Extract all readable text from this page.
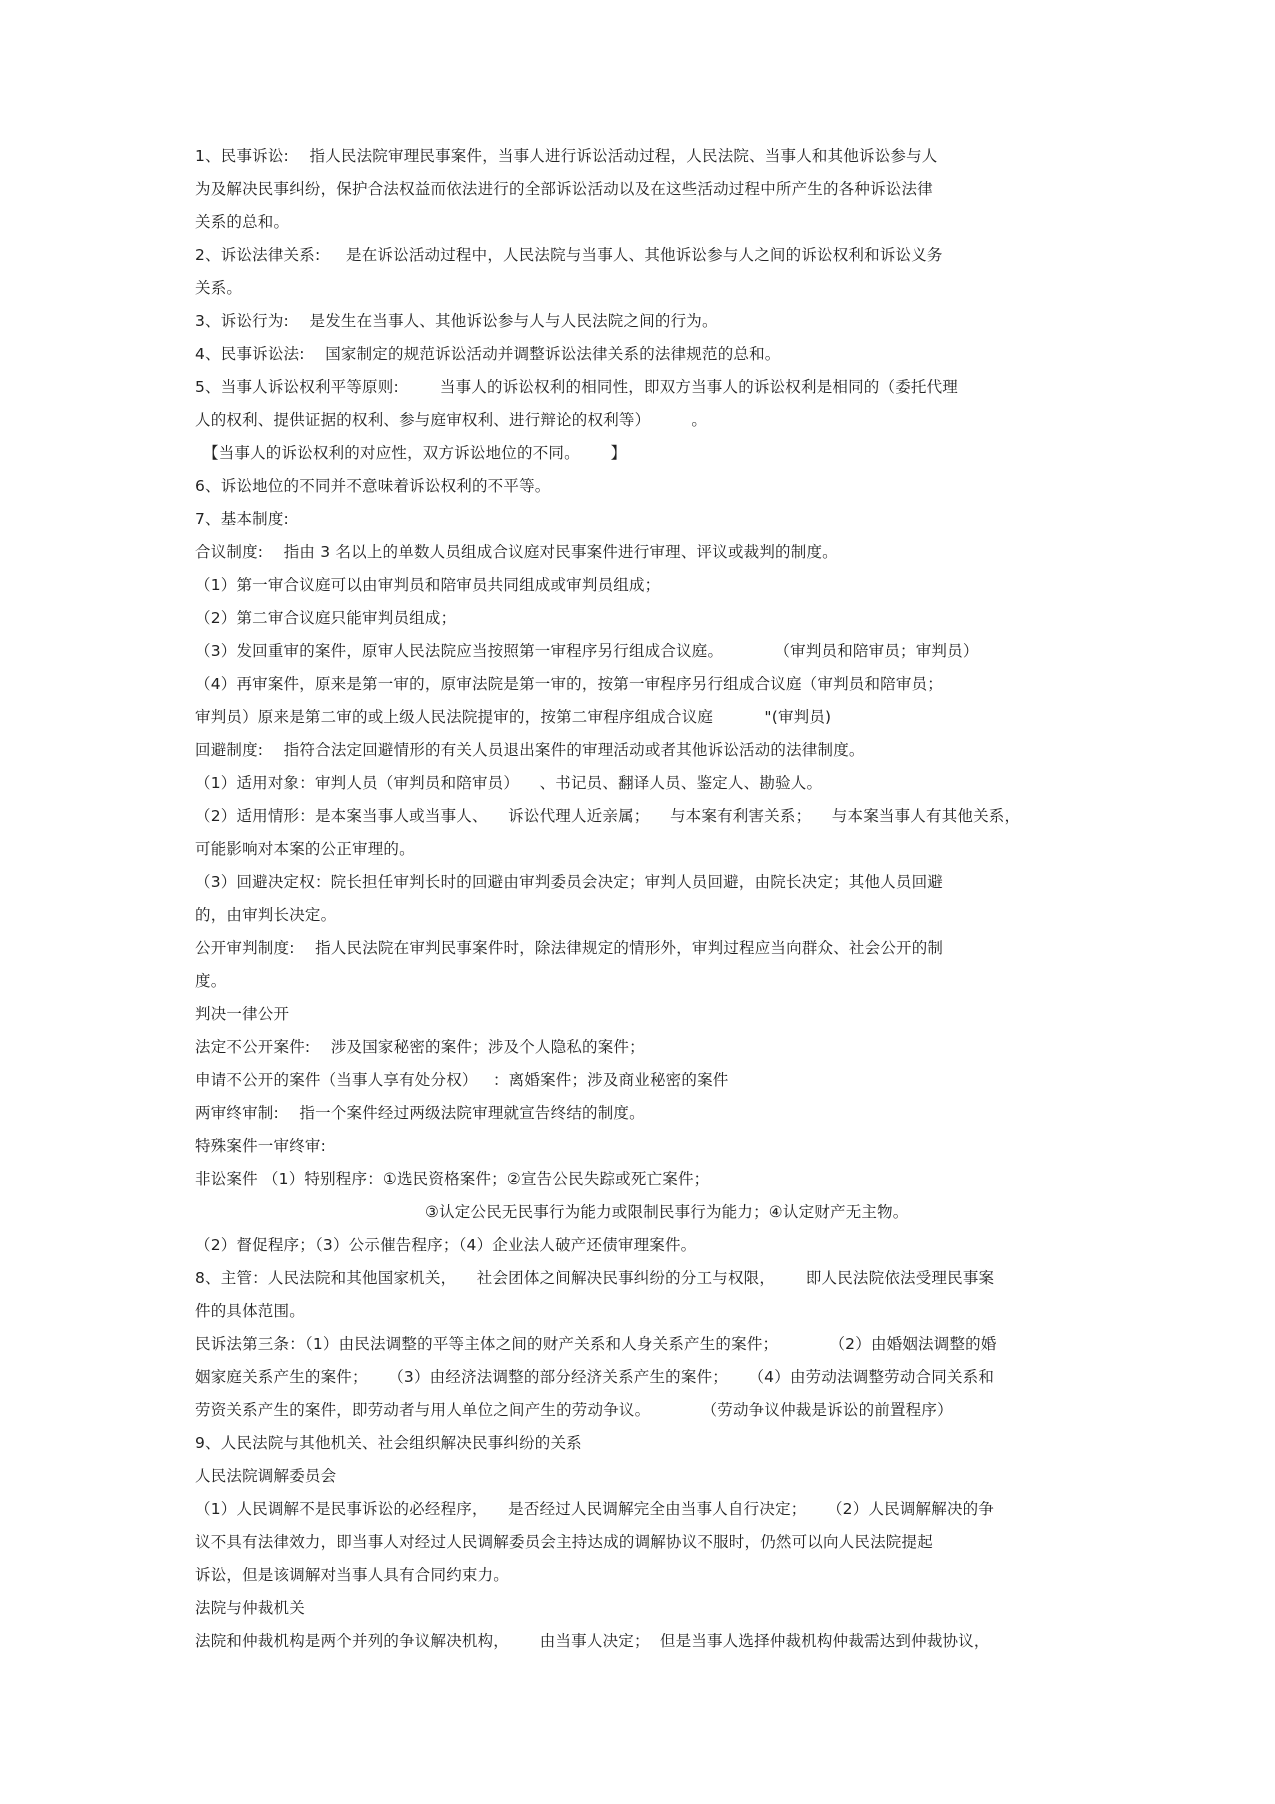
1、民事诉讼:    指人民法院审理民事案件，当事人进行诉讼活动过程，人民法院、当事人和其他诉讼参与人
为及解决民事纠纷，保护合法权益而依法进行的全部诉讼活动以及在这些活动过程中所产生的各种诉讼法律
关系的总和。
2、诉讼法律关系:     是在诉讼活动过程中，人民法院与当事人、其他诉讼参与人之间的诉讼权利和诉讼义务
关系。
3、诉讼行为:    是发生在当事人、其他诉讼参与人与人民法院之间的行为。
4、民事诉讼法:    国家制定的规范诉讼活动并调整诉讼法律关系的法律规范的总和。
5、当事人诉讼权利平等原则:        当事人的诉讼权利的相同性，即双方当事人的诉讼权利是相同的（委托代理
人的权利、提供证据的权利、参与庭审权利、进行辩论的权利等）        。
【当事人的诉讼权利的对应性，双方诉讼地位的不同。      】
6、诉讼地位的不同并不意味着诉讼权利的不平等。
7、基本制度:
合议制度:    指由 3 名以上的单数人员组成合议庭对民事案件进行审理、评议或裁判的制度。
（1）第一审合议庭可以由审判员和陪审员共同组成或审判员组成；
（2）第二审合议庭只能审判员组成；
（3）发回重审的案件，原审人民法院应当按照第一审程序另行组成合议庭。          （审判员和陪审员；审判员）
（4）再审案件，原来是第一审的，原审法院是第一审的，按第一审程序另行组成合议庭（审判员和陪审员；
审判员）原来是第二审的或上级人民法院提审的，按第二审程序组成合议庭          "(审判员)
回避制度:    指符合法定回避情形的有关人员退出案件的审理活动或者其他诉讼活动的法律制度。
（1）适用对象：审判人员（审判员和陪审员）    、书记员、翻译人员、鉴定人、勘验人。
（2）适用情形：是本案当事人或当事人、    诉讼代理人近亲属；    与本案有利害关系；    与本案当事人有其他关系，
可能影响对本案的公正审理的。
（3）回避决定权：院长担任审判长时的回避由审判委员会决定；审判人员回避，由院长决定；其他人员回避
的，由审判长决定。
公开审判制度:    指人民法院在审判民事案件时，除法律规定的情形外，审判过程应当向群众、社会公开的制
度。
判决一律公开
法定不公开案件:    涉及国家秘密的案件；涉及个人隐私的案件；
申请不公开的案件（当事人享有处分权）   ：离婚案件；涉及商业秘密的案件
两审终审制:    指一个案件经过两级法院审理就宣告终结的制度。
特殊案件一审终审:
非讼案件 （1）特别程序：①选民资格案件；②宣告公民失踪或死亡案件；
③认定公民无民事行为能力或限制民事行为能力；④认定财产无主物。
（2）督促程序；（3）公示催告程序；（4）企业法人破产还债审理案件。
8、主管：人民法院和其他国家机关，    社会团体之间解决民事纠纷的分工与权限，      即人民法院依法受理民事案
件的具体范围。
民诉法第三条：（1）由民法调整的平等主体之间的财产关系和人身关系产生的案件；          （2）由婚姻法调整的婚
姻家庭关系产生的案件；    （3）由经济法调整的部分经济关系产生的案件；    （4）由劳动法调整劳动合同关系和
劳资关系产生的案件，即劳动者与用人单位之间产生的劳动争议。          （劳动争议仲裁是诉讼的前置程序）
9、人民法院与其他机关、社会组织解决民事纠纷的关系
人民法院调解委员会
（1）人民调解不是民事诉讼的必经程序，    是否经过人民调解完全由当事人自行决定；    （2）人民调解解决的争
议不具有法律效力，即当事人对经过人民调解委员会主持达成的调解协议不服时，仍然可以向人民法院提起
诉讼，但是该调解对当事人具有合同约束力。
法院与仲裁机关
法院和仲裁机构是两个并列的争议解决机构，      由当事人决定；  但是当事人选择仲裁机构仲裁需达到仲裁协议，
